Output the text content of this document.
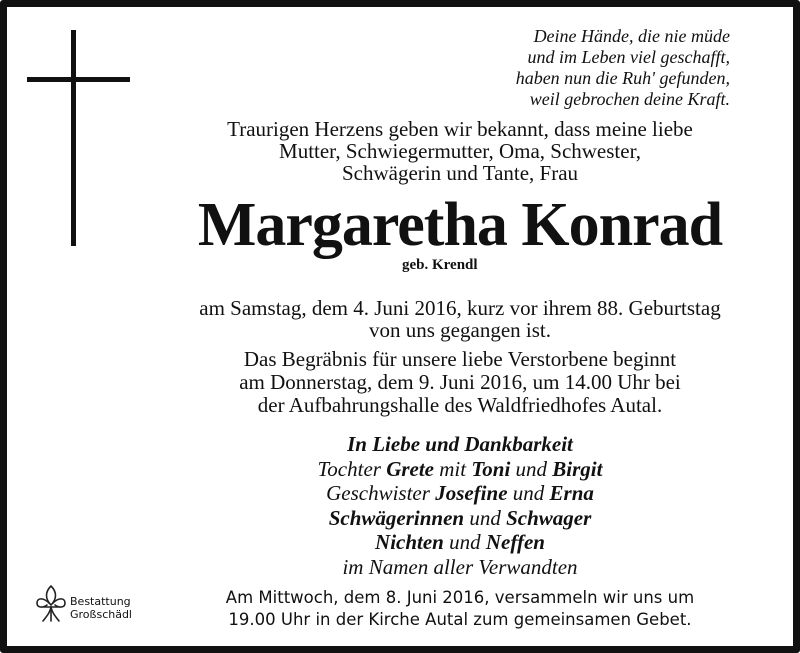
Deine Hände, die nie müde
und im Leben viel geschafft,
haben nun die Ruh' gefunden,
weil gebrochen deine Kraft.
Traurigen Herzens geben wir bekannt, dass meine liebe
Mutter, Schwiegermutter, Oma, Schwester,
Schwägerin und Tante, Frau
Margaretha Konrad
geb. Krendl
am Samstag, dem 4. Juni 2016, kurz vor ihrem 88. Geburtstag
von uns gegangen ist.
Das Begräbnis für unsere liebe Verstorbene beginnt
am Donnerstag, dem 9. Juni 2016, um 14.00 Uhr bei
der Aufbahrungshalle des Waldfriedhofes Autal.
In Liebe und Dankbarkeit
Tochter Grete mit Toni und Birgit
Geschwister Josefine und Erna
Schwägerinnen und Schwager
Nichten und Neffen
im Namen aller Verwandten
Bestattung
Großschädl
Am Mittwoch, dem 8. Juni 2016, versammeln wir uns um
19.00 Uhr in der Kirche Autal zum gemeinsamen Gebet.
